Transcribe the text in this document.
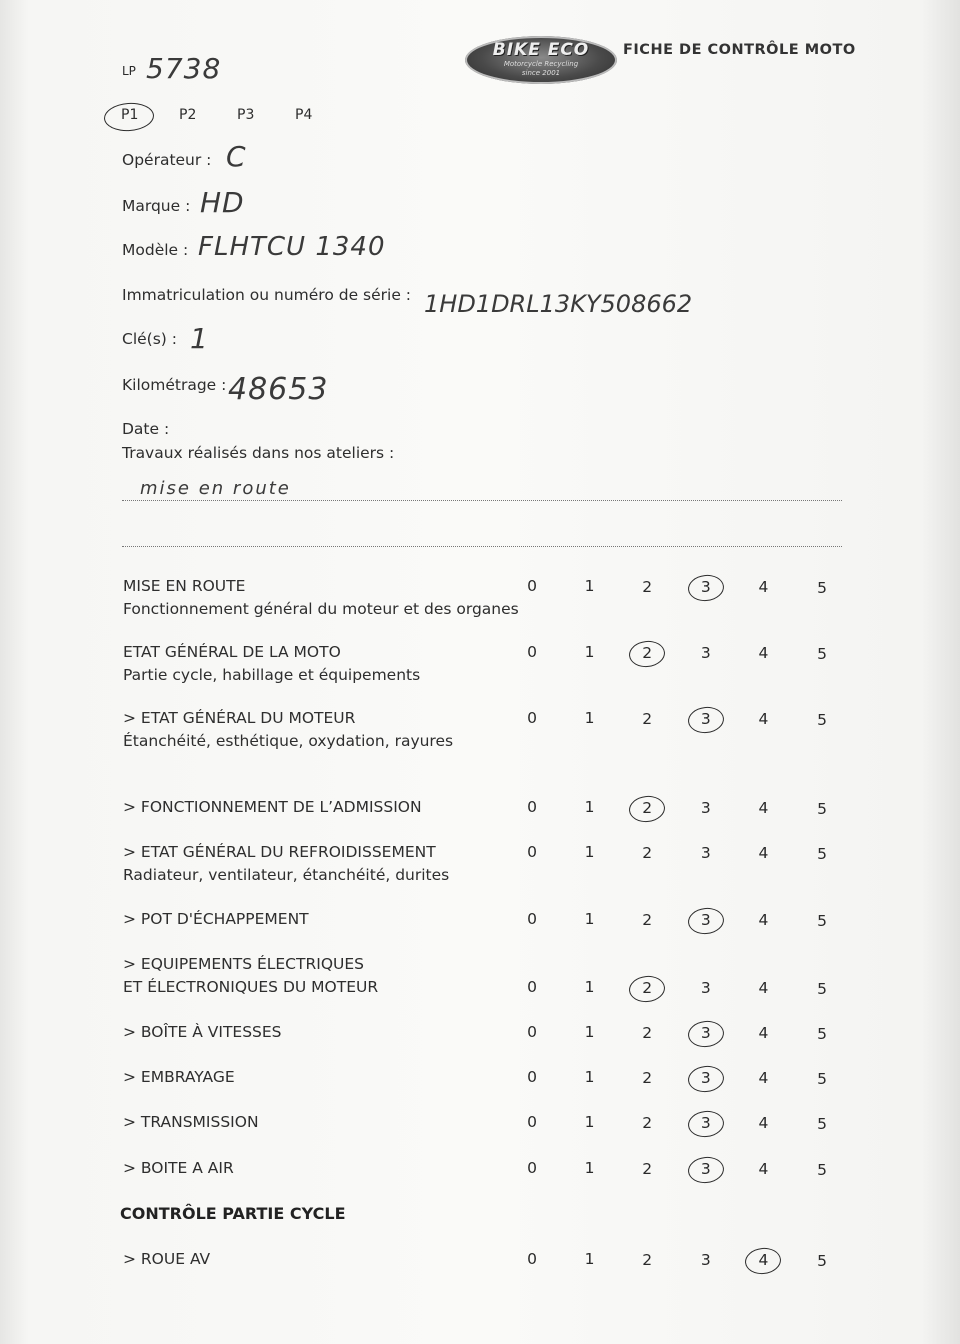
BIKE ECO
Motorcycle Recycling
since 2001
FICHE DE CONTRÔLE MOTO
LP 5738
P1	P2	P3	P4
Opérateur : C
Marque : HD
Modèle : FLHTCU 1340
Immatriculation ou numéro de série : 1HD1DRL13KY508662
Clé(s) : 1
Kilométrage : 48653
Date :
Travaux réalisés dans nos ateliers :
mise en route
CONTRÔLE PARTIE CYCLE
MISE EN ROUTE
Fonctionnement général du moteur et des organes
0	1	2	3	4	5
ETAT GÉNÉRAL DE LA MOTO
Partie cycle, habillage et équipements
0	1	2	3	4	5
> ETAT GÉNÉRAL DU MOTEUR
Étanchéité, esthétique, oxydation, rayures
0	1	2	3	4	5
> FONCTIONNEMENT DE L’ADMISSION	0	1	2	3	4	5
> ETAT GÉNÉRAL DU REFROIDISSEMENT
Radiateur, ventilateur, étanchéité, durites
0	1	2	3	4	5
> POT D'ÉCHAPPEMENT	0	1	2	3	4	5
> EQUIPEMENTS ÉLECTRIQUES
ET ÉLECTRONIQUES DU MOTEUR	0	1	2	3	4	5
> BOÎTE À VITESSES	0	1	2	3	4	5
> EMBRAYAGE	0	1	2	3	4	5
> TRANSMISSION	0	1	2	3	4	5
> BOITE A AIR	0	1	2	3	4	5
> ROUE AV	0	1	2	3	4	5
